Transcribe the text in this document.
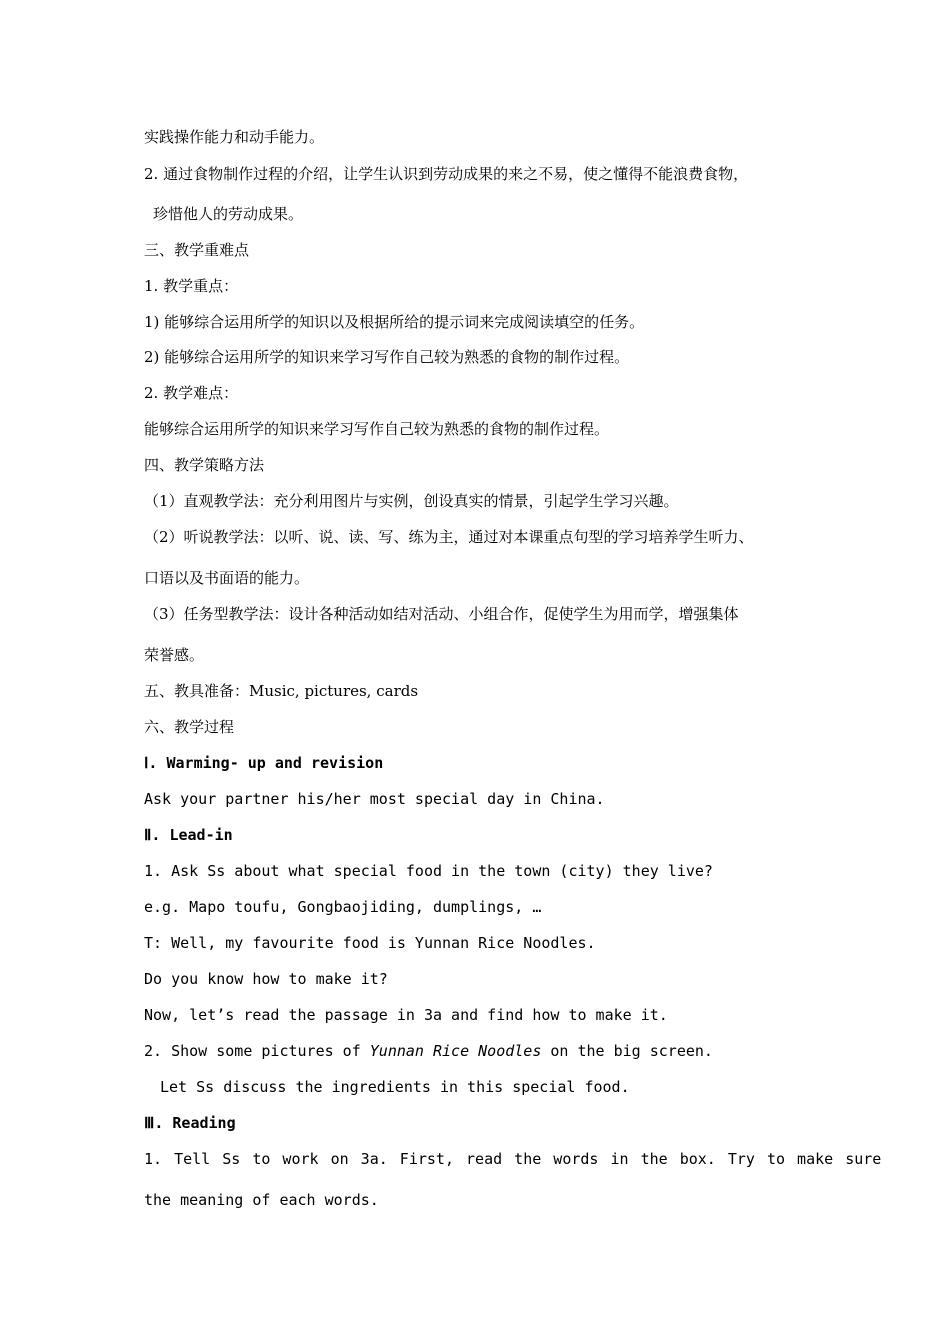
实践操作能力和动手能力。
2. 通过食物制作过程的介绍，让学生认识到劳动成果的来之不易，使之懂得不能浪费食物，
珍惜他人的劳动成果。
三、教学重难点
1. 教学重点：
1) 能够综合运用所学的知识以及根据所给的提示词来完成阅读填空的任务。
2) 能够综合运用所学的知识来学习写作自己较为熟悉的食物的制作过程。
2. 教学难点：
能够综合运用所学的知识来学习写作自己较为熟悉的食物的制作过程。
四、教学策略方法
（1）直观教学法：充分利用图片与实例，创设真实的情景，引起学生学习兴趣。
（2）听说教学法：以听、说、读、写、练为主，通过对本课重点句型的学习培养学生听力、
口语以及书面语的能力。
（3）任务型教学法：设计各种活动如结对活动、小组合作，促使学生为用而学，增强集体
荣誉感。
五、教具准备：Music, pictures, cards
六、教学过程
Ⅰ. Warming- up and revision
Ask your partner his/her most special day in China.
Ⅱ. Lead-in
1. Ask Ss about what special food in the town (city) they live?
e.g. Mapo toufu, Gongbaojiding, dumplings, …
T: Well, my favourite food is Yunnan Rice Noodles.
Do you know how to make it?
Now, let’s read the passage in 3a and find how to make it.
2. Show some pictures of Yunnan Rice Noodles on the big screen.
Let Ss discuss the ingredients in this special food.
Ⅲ. Reading
1. Tell Ss to work on 3a. First, read the words in the box. Try to make sure
the meaning of each words.
